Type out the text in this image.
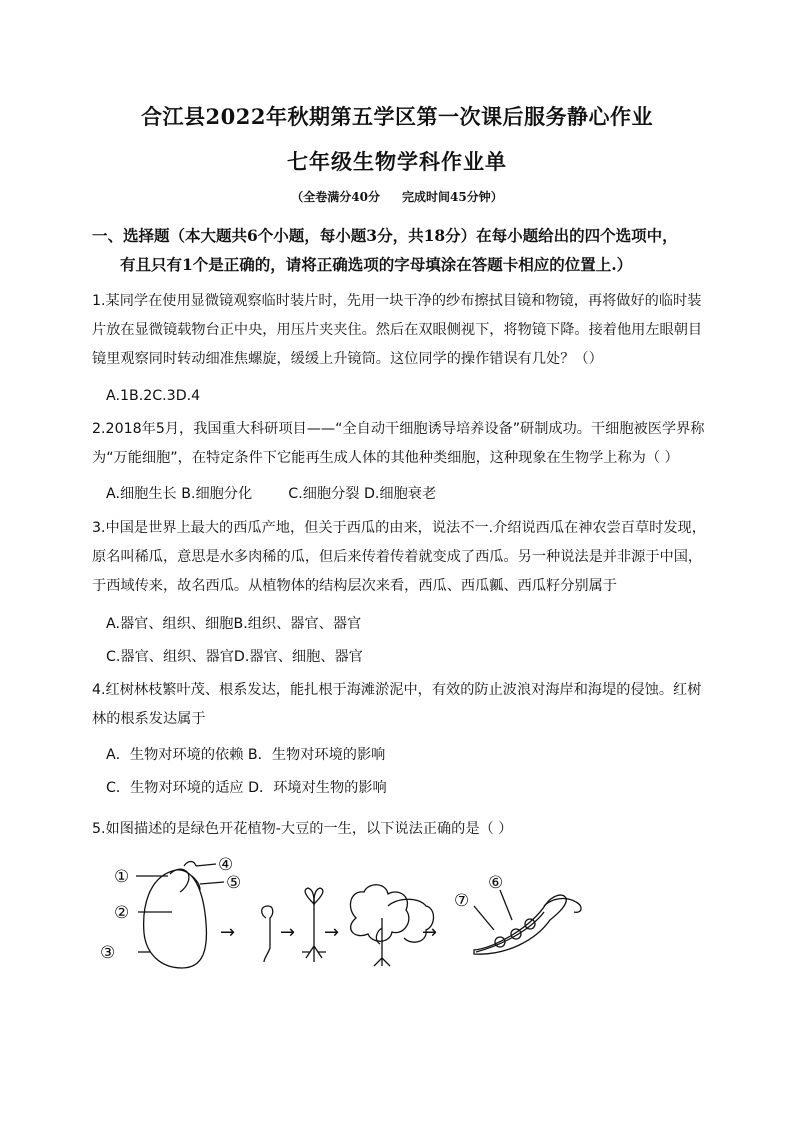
合江县2022年秋期第五学区第一次课后服务静心作业
七年级生物学科作业单
（全卷满分40分 完成时间45分钟）
一、选择题（本大题共6个小题，每小题3分，共18分）在每小题给出的四个选项中，
有且只有1个是正确的，请将正确选项的字母填涂在答题卡相应的位置上.）
1.某同学在使用显微镜观察临时装片时，先用一块干净的纱布擦拭目镜和物镜，再将做好的临时装
片放在显微镜载物台正中央，用压片夹夹住。然后在双眼侧视下，将物镜下降。接着他用左眼朝目
镜里观察同时转动细准焦螺旋，缓缓上升镜筒。这位同学的操作错误有几处？（）
A.1B.2C.3D.4
2.2018年5月，我国重大科研项目——“全自动干细胞诱导培养设备”研制成功。干细胞被医学界称
为“万能细胞”，在特定条件下它能再生成人体的其他种类细胞，这种现象在生物学上称为（ ）
A.细胞生长 B.细胞分化        C.细胞分裂 D.细胞衰老
3.中国是世界上最大的西瓜产地，但关于西瓜的由来，说法不一.介绍说西瓜在神农尝百草时发现，
原名叫稀瓜，意思是水多肉稀的瓜，但后来传着传着就变成了西瓜。另一种说法是并非源于中国，
于西域传来，故名西瓜。从植物体的结构层次来看，西瓜、西瓜瓤、西瓜籽分别属于
A.器官、组织、细胞B.组织、器官、器官
C.器官、组织、器官D.器官、细胞、器官
4.红树林枝繁叶茂、根系发达，能扎根于海滩淤泥中，有效的防止波浪对海岸和海堤的侵蚀。红树
林的根系发达属于
A．生物对环境的依赖 B．生物对环境的影响
C．生物对环境的适应 D．环境对生物的影响
5.如图描述的是绿色开花植物-大豆的一生，以下说法正确的是（ ）
①
②
③
④
⑤
→ → →	→
⑦
⑥
